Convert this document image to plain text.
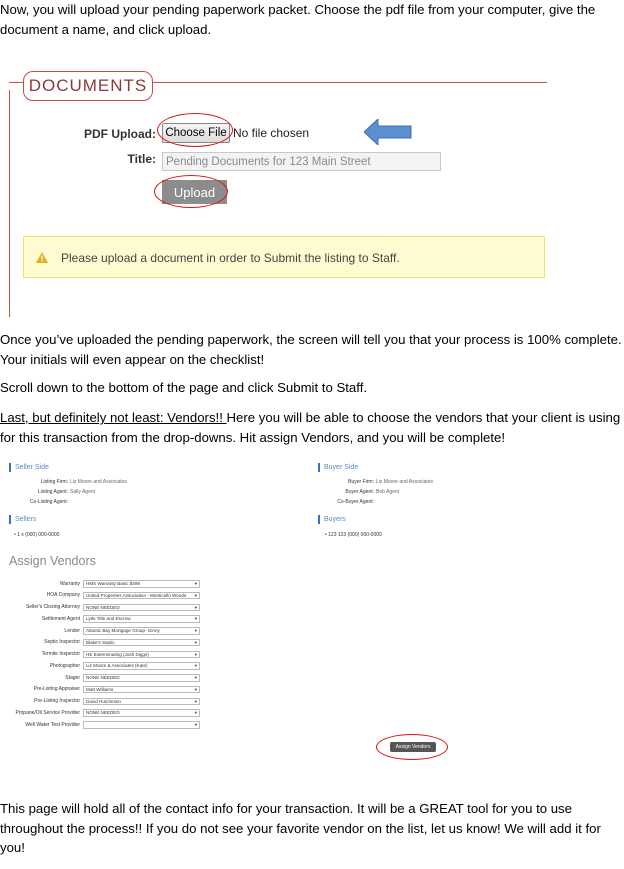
Now, you will upload your pending paperwork packet. Choose the pdf file from your computer, give the document a name, and click upload.

DOCUMENTS
PDF Upload: Choose File No file chosen
Title: Pending Documents for 123 Main Street
Upload
Please upload a document in order to Submit the listing to Staff.

Once you’ve uploaded the pending paperwork, the screen will tell you that your process is 100% complete. Your initials will even appear on the checklist!

Scroll down to the bottom of the page and click Submit to Staff.

Last, but definitely not least: Vendors!! Here you will be able to choose the vendors that your client is using for this transaction from the drop-downs. Hit assign Vendors, and you will be complete!

Seller Side
Listing Firm: Liz Moore and Associates
Listing Agent: Sally Agent
Co-Listing Agent:
Sellers
• 1 x (000) 000-0000
Buyer Side
Buyer Firm: Liz Moore and Associates
Buyer Agent: Bob Agent
Co-Buyer Agent:
Buyers
• 123 123 (000) 000-0000
Assign Vendors
Warranty	HMS Warranty Basic $499	▾
HOA Company	United Properties Association - Monticello Woods ▾
Seller's Closing Attorney	NONE NEEDED	▾
Settlement Agent	Lytle Title and Escrow	▾
Lender	Atlantic Bay Mortgage Group- Ginny	▾
Septic Inspector	Blake's Septic	▾
Termite Inspector	HE Exterminating (Josh Diggs)	▾
Photographer	Liz Moore & Associates (Kate)	▾
Stager	NONE NEEDED	▾
Pre-Listing Appraiser	Matt Williams	▾
Pre-Listing Inspector	David Hutcheson	▾
Propane/Oil Service Provider	NONE NEEDED	▾
Well Water Test Provider	▾
Assign Vendors

This page will hold all of the contact info for your transaction. It will be a GREAT tool for you to use throughout the process!! If you do not see your favorite vendor on the list, let us know! We will add it for you!
